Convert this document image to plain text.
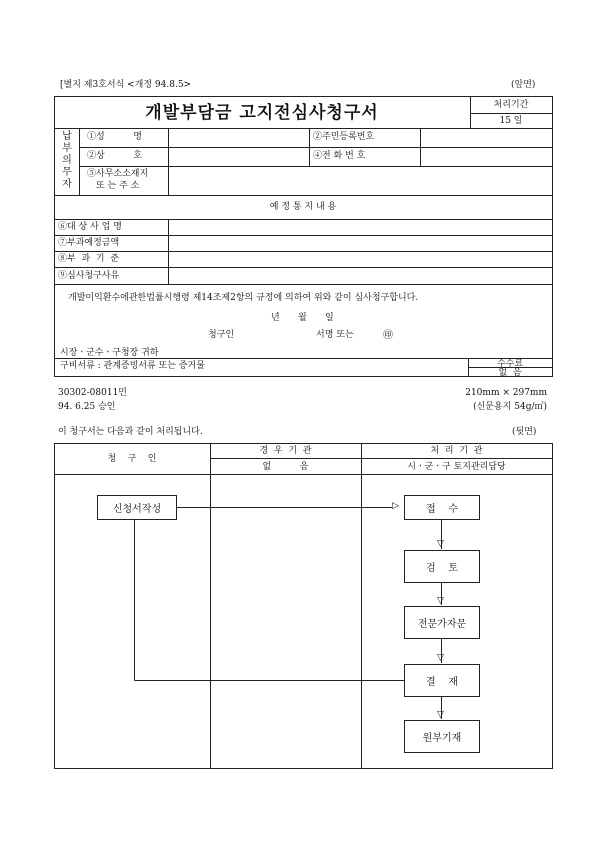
[별지 제3호서식 <개정 94.8.5>	(앞면)
개발부담금 고지전심사청구서	처리기간
15 일
납부의무자
①성          명	②주민등록번호
②상          호	④전 화 번 호
⑤사무소소재지
또 는 주 소
예 정 통 지 내 용
⑥대 상 사 업 명
⑦부과예정금액
⑧부  과  기  준
⑨심사청구사유
개발이익환수에관한법률시행령 제14조제2항의 규정에 의하여 위와 같이 심사청구합니다.
년 월 일
청구인	서명 또는	㊞
시장ㆍ군수ㆍ구청장 귀하
구비서류 : 관계증빙서류 또는 증거물	수수료
없  음
30302-08011민
94. 6.25 승인
210mm × 297mm
(신문용지 54g/㎡)
이 청구서는 다음과 같이 처리됩니다.	(뒷면)
청    구    인
경  우  기  관
없          음
처  리  기  관
시ㆍ군ㆍ구 토지관리담당
신청서작성	접    수
검    토
전문가자문
결    재
원부기재
▷
▽
▽
▽
▽
